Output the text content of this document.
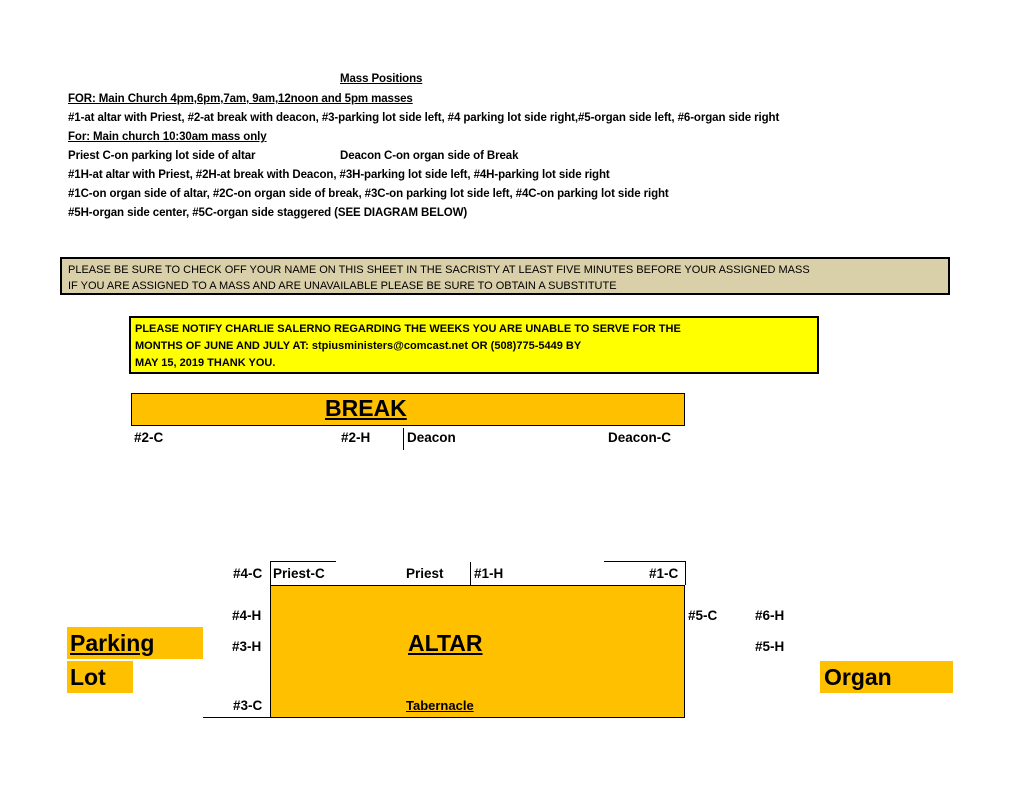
Mass Positions
FOR: Main Church 4pm,6pm,7am, 9am,12noon and 5pm masses
#1-at altar with Priest, #2-at break with deacon, #3-parking lot side left, #4 parking lot side right,#5-organ side left, #6-organ side right
For: Main church 10:30am mass only
Priest C-on parking lot side of altar	Deacon C-on organ side of Break
#1H-at altar with Priest, #2H-at break with Deacon, #3H-parking lot side left, #4H-parking lot side right
#1C-on organ side of altar, #2C-on organ side of break, #3C-on parking lot side left, #4C-on parking lot side right
#5H-organ side center, #5C-organ side staggered (SEE DIAGRAM BELOW)
PLEASE BE SURE TO CHECK OFF YOUR NAME ON THIS SHEET IN THE SACRISTY AT LEAST FIVE MINUTES BEFORE YOUR ASSIGNED MASS
IF YOU ARE ASSIGNED TO A MASS AND ARE UNAVAILABLE PLEASE BE SURE TO OBTAIN A SUBSTITUTE
PLEASE NOTIFY CHARLIE SALERNO REGARDING THE WEEKS YOU ARE UNABLE TO SERVE FOR THE
MONTHS OF JUNE AND JULY AT: stpiusministers@comcast.net OR (508)775-5449 BY
MAY 15, 2019 THANK YOU.
BREAK
#2-C	#2-H	Deacon	Deacon-C
#4-C Priest-C	Priest #1-H	#1-C
ALTAR
Tabernacle
#4-H
#3-H
#3-C
#5-C	#6-H
#5-H
Parking
Lot	Organ
